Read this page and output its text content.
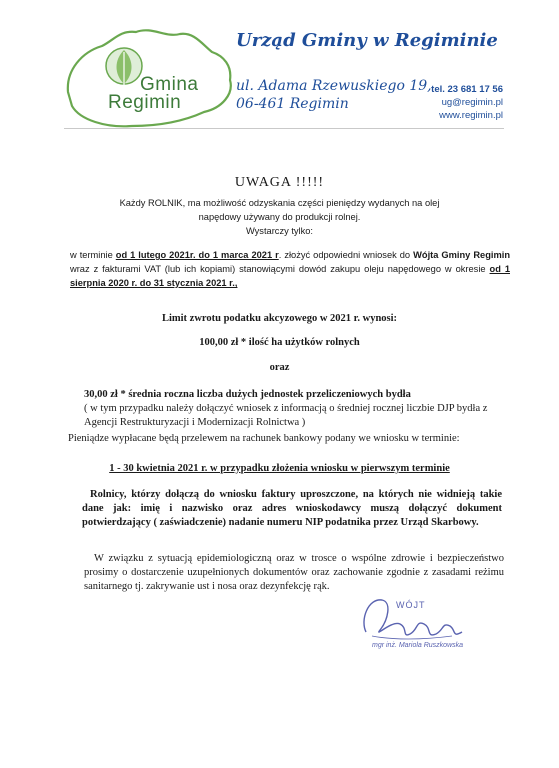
Gmina
Regimin
Urząd Gminy w Regiminie
ul. Adama Rzewuskiego 19,
06-461 Regimin
tel. 23 681 17 56
ug@regimin.pl
www.regimin.pl
UWAGA !!!!!
Każdy ROLNIK, ma możliwość odzyskania części pieniędzy wydanych na olej
napędowy używany do produkcji rolnej.
Wystarczy tylko:
w terminie od 1 lutego 2021r. do 1 marca 2021 r. złożyć odpowiedni wniosek do Wójta Gminy Regimin wraz z fakturami VAT (lub ich kopiami) stanowiącymi dowód zakupu oleju napędowego w okresie od 1 sierpnia 2020 r. do 31 stycznia 2021 r.,
Limit zwrotu podatku akcyzowego w 2021 r. wynosi:
100,00 zł * ilość ha użytków rolnych
oraz
30,00 zł * średnia roczna liczba dużych jednostek przeliczeniowych bydła
( w tym przypadku należy dołączyć wniosek z informacją o średniej rocznej liczbie DJP bydła z Agencji Restrukturyzacji i Modernizacji Rolnictwa )
Pieniądze wypłacane będą przelewem na rachunek bankowy podany we wniosku w terminie:
1 - 30 kwietnia 2021 r. w przypadku złożenia wniosku w pierwszym terminie
Rolnicy, którzy dołączą do wniosku faktury uproszczone, na których nie widnieją takie dane jak: imię i nazwisko oraz adres wnioskodawcy muszą dołączyć dokument potwierdzający ( zaświadczenie) nadanie numeru NIP podatnika przez Urząd Skarbowy.
W związku z sytuacją epidemiologiczną oraz w trosce o wspólne zdrowie i bezpieczeństwo prosimy o dostarczenie uzupełnionych dokumentów oraz zachowanie zgodnie z zasadami reżimu sanitarnego tj. zakrywanie ust i nosa oraz dezynfekcję rąk.
WÓJT
mgr inż. Mariola Ruszkowska
